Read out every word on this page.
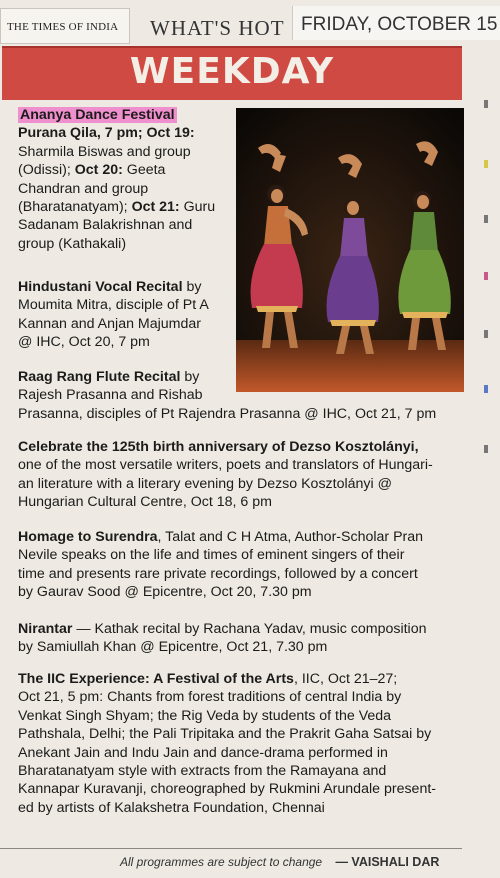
THE TIMES OF INDIA	WHAT'S HOT FRIDAY, OCTOBER 15
WEEKDAY
Ananya Dance Festival
Purana Qila, 7 pm; Oct 19:
Sharmila Biswas and group
(Odissi); Oct 20: Geeta
Chandran and group
(Bharatanatyam); Oct 21: Guru
Sadanam Balakrishnan and
group (Kathakali)
Hindustani Vocal Recital by
Moumita Mitra, disciple of Pt A
Kannan and Anjan Majumdar
@ IHC, Oct 20, 7 pm
Raag Rang Flute Recital by
Rajesh Prasanna and Rishab
Prasanna, disciples of Pt Rajendra Prasanna @ IHC, Oct 21, 7 pm
Celebrate the 125th birth anniversary of Dezso Kosztolányi,
one of the most versatile writers, poets and translators of Hungari-
an literature with a literary evening by Dezso Kosztolányi @
Hungarian Cultural Centre, Oct 18, 6 pm
Homage to Surendra, Talat and C H Atma, Author-Scholar Pran
Nevile speaks on the life and times of eminent singers of their
time and presents rare private recordings, followed by a concert
by Gaurav Sood @ Epicentre, Oct 20, 7.30 pm
Nirantar — Kathak recital by Rachana Yadav, music composition
by Samiullah Khan @ Epicentre, Oct 21, 7.30 pm
The IIC Experience: A Festival of the Arts, IIC, Oct 21–27;
Oct 21, 5 pm: Chants from forest traditions of central India by
Venkat Singh Shyam; the Rig Veda by students of the Veda
Pathshala, Delhi; the Pali Tripitaka and the Prakrit Gaha Satsai by
Anekant Jain and Indu Jain and dance-drama performed in
Bharatanatyam style with extracts from the Ramayana and
Kannapar Kuravanji, choreographed by Rukmini Arundale present-
ed by artists of Kalakshetra Foundation, Chennai
All programmes are subject to change — VAISHALI DAR
